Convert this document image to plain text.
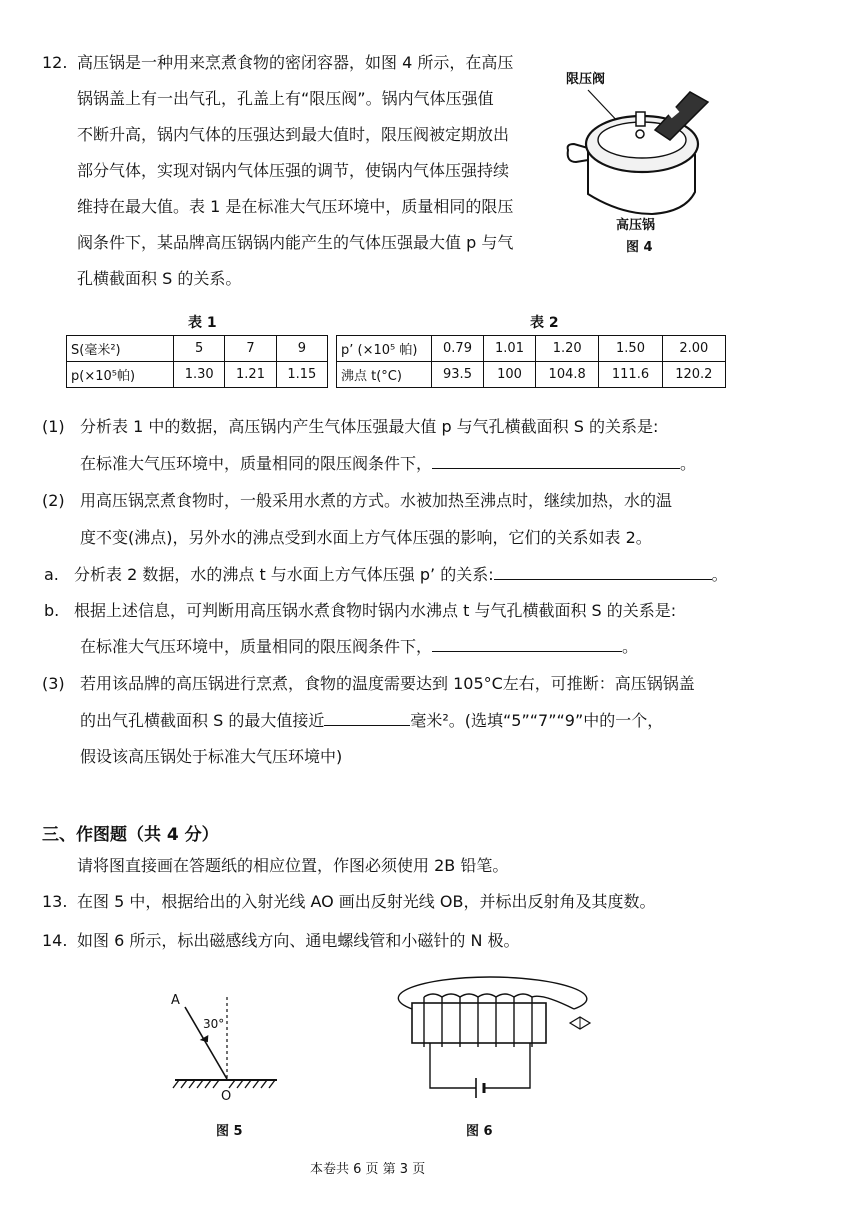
12. 高压锅是一种用来烹煮食物的密闭容器，如图 4 所示，在高压
锅锅盖上有一出气孔，孔盖上有“限压阀”。锅内气体压强值
不断升高，锅内气体的压强达到最大值时，限压阀被定期放出
部分气体，实现对锅内气体压强的调节，使锅内气体压强持续
维持在最大值。表 1 是在标准大气压环境中，质量相同的限压
阀条件下，某品牌高压锅锅内能产生的气体压强最大值 p 与气
孔横截面积 S 的关系。
限压阀
高压锅
图 4
表 1
S(毫米²)	5	7	9
p(×10⁵帕)	1.30	1.21	1.15
表 2
p’ (×10⁵ 帕)	0.79	1.01	1.20	1.50	2.00
沸点 t(°C)	93.5	100	104.8	111.6	120.2
(1) 分析表 1 中的数据，高压锅内产生气体压强最大值 p 与气孔横截面积 S 的关系是:
在标准大气压环境中，质量相同的限压阀条件下，	。
(2) 用高压锅烹煮食物时，一般采用水煮的方式。水被加热至沸点时，继续加热，水的温
度不变(沸点)，另外水的沸点受到水面上方气体压强的影响，它们的关系如表 2。
a. 分析表 2 数据，水的沸点 t 与水面上方气体压强 p’ 的关系:	。
b. 根据上述信息，可判断用高压锅水煮食物时锅内水沸点 t 与气孔横截面积 S 的关系是:
在标准大气压环境中，质量相同的限压阀条件下，	。
(3) 若用该品牌的高压锅进行烹煮，食物的温度需要达到 105°C左右，可推断：高压锅锅盖
的出气孔横截面积 S 的最大值接近	毫米²。(选填“5”“7”“9”中的一个，
假设该高压锅处于标准大气压环境中)
三、作图题（共 4 分）
请将图直接画在答题纸的相应位置，作图必须使用 2B 铅笔。
13. 在图 5 中，根据给出的入射光线 AO 画出反射光线 OB，并标出反射角及其度数。
14. 如图 6 所示，标出磁感线方向、通电螺线管和小磁针的 N 极。
A
30°
O
图 5	图 6
本卷共 6 页 第 3 页
